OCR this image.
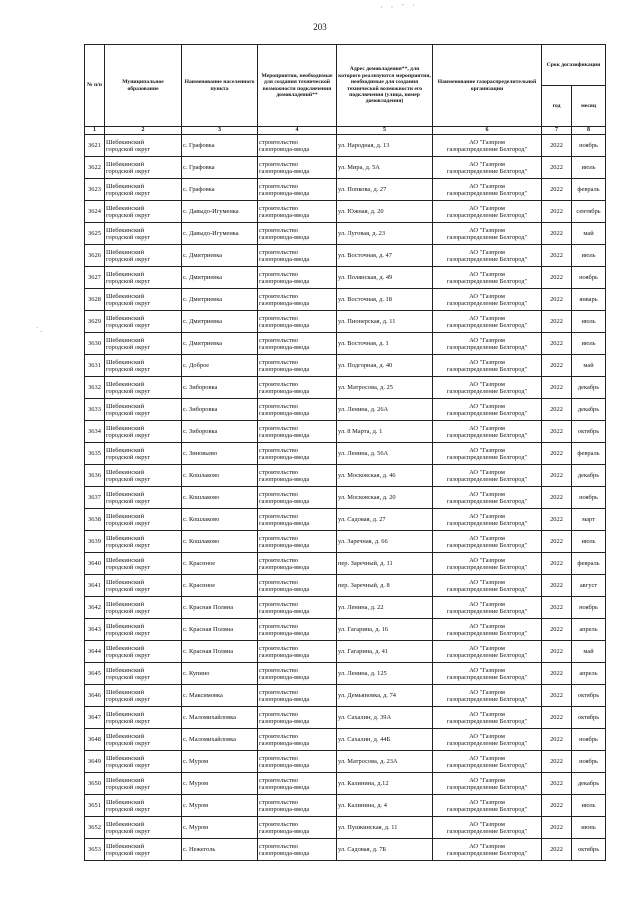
· · ´ ˙
203
˙ .
№ п/п	Муниципальное образование	Наименование населенного пункта	Мероприятия, необходимые для создания технической возможности подключения домовладений**	Адрес домовладения**, для которого реализуются мероприятия, необходимые для создания технической возможности его подключения (улица, номер домовладения)	Наименование газораспределительной организации	Срок догазификации	
						год	месяц
1	2	3	4	5	6	7	8

3621	Шебекинский
городской округ	с. Графовка	строительство
газопровода-ввода	ул. Народная, д. 13	АО "Газпром
газораспределение Белгород"	2022	ноябрь

3622	Шебекинский
городской округ	с. Графовка	строительство
газопровода-ввода	ул. Мира, д. 5А	АО "Газпром
газораспределение Белгород"	2022	июль

3623	Шебекинский
городской округ	с. Графовка	строительство
газопровода-ввода	ул. Попкова, д. 27	АО "Газпром
газораспределение Белгород"	2022	февраль

3624	Шебекинский
городской округ	с. Давыдо-Игуменка	строительство
газопровода-ввода	ул. Южная, д. 20	АО "Газпром
газораспределение Белгород"	2022	сентябрь

3625	Шебекинский
городской округ	с. Давыдо-Игуменка	строительство
газопровода-ввода	ул. Луговая, д. 23	АО "Газпром
газораспределение Белгород"	2022	май

3626	Шебекинский
городской округ	с. Дмитриевка	строительство
газопровода-ввода	ул. Восточная, д. 47	АО "Газпром
газораспределение Белгород"	2022	июль

3627	Шебекинский
городской округ	с. Дмитриевка	строительство
газопровода-ввода	ул. Полянская, д. 49	АО "Газпром
газораспределение Белгород"	2022	ноябрь

3628	Шебекинский
городской округ	с. Дмитриевка	строительство
газопровода-ввода	ул. Восточная, д. 18	АО "Газпром
газораспределение Белгород"	2022	январь

3629	Шебекинский
городской округ	с. Дмитриевка	строительство
газопровода-ввода	ул. Пионерская, д. 11	АО "Газпром
газораспределение Белгород"	2022	июль

3630	Шебекинский
городской округ	с. Дмитриевка	строительство
газопровода-ввода	ул. Восточная, д. 1	АО "Газпром
газораспределение Белгород"	2022	июль

3631	Шебекинский
городской округ	с. Доброе	строительство
газопровода-ввода	ул. Подгорная, д. 40	АО "Газпром
газораспределение Белгород"	2022	май

3632	Шебекинский
городской округ	с. Зиборовка	строительство
газопровода-ввода	ул. Матросова, д. 25	АО "Газпром
газораспределение Белгород"	2022	декабрь

3633	Шебекинский
городской округ	с. Зиборовка	строительство
газопровода-ввода	ул. Ленина, д. 26А	АО "Газпром
газораспределение Белгород"	2022	декабрь

3634	Шебекинский
городской округ	с. Зиборовка	строительство
газопровода-ввода	ул. 8 Марта, д. 1	АО "Газпром
газораспределение Белгород"	2022	октябрь

3635	Шебекинский
городской округ	с. Зиновьево	строительство
газопровода-ввода	ул. Ленина, д. 56А	АО "Газпром
газораспределение Белгород"	2022	февраль

3636	Шебекинский
городской округ	с. Кошлаково	строительство
газопровода-ввода	ул. Московская, д. 46	АО "Газпром
газораспределение Белгород"	2022	декабрь

3637	Шебекинский
городской округ	с. Кошлаково	строительство
газопровода-ввода	ул. Московская, д. 20	АО "Газпром
газораспределение Белгород"	2022	ноябрь

3638	Шебекинский
городской округ	с. Кошлаково	строительство
газопровода-ввода	ул. Садовая, д. 27	АО "Газпром
газораспределение Белгород"	2022	март

3639	Шебекинский
городской округ	с. Кошлаково	строительство
газопровода-ввода	ул. Заречная, д. 66	АО "Газпром
газораспределение Белгород"	2022	июль

3640	Шебекинский
городской округ	с. Краснное	строительство
газопровода-ввода	пер. Заречный, д. 11	АО "Газпром
газораспределение Белгород"	2022	февраль

3641	Шебекинский
городской округ	с. Краснное	строительство
газопровода-ввода	пер. Заречный, д. 8	АО "Газпром
газораспределение Белгород"	2022	август

3642	Шебекинский
городской округ	с. Красная Поляна	строительство
газопровода-ввода	ул. Ленина, д. 22	АО "Газпром
газораспределение Белгород"	2022	ноябрь

3643	Шебекинский
городской округ	с. Красная Поляна	строительство
газопровода-ввода	ул. Гагарина, д. 16	АО "Газпром
газораспределение Белгород"	2022	апрель

3644	Шебекинский
городской округ	с. Красная Поляна	строительство
газопровода-ввода	ул. Гагарина, д. 41	АО "Газпром
газораспределение Белгород"	2022	май

3645	Шебекинский
городской округ	с. Купино	строительство
газопровода-ввода	ул. Ленина, д. 125	АО "Газпром
газораспределение Белгород"	2022	апрель

3646	Шебекинский
городской округ	с. Максимовка	строительство
газопровода-ввода	ул. Демьяновка, д. 74	АО "Газпром
газораспределение Белгород"	2022	октябрь

3647	Шебекинский
городской округ	с. Маломихайловка	строительство
газопровода-ввода	ул. Сахалин, д. 39А	АО "Газпром
газораспределение Белгород"	2022	октябрь

3648	Шебекинский
городской округ	с. Маломихайловка	строительство
газопровода-ввода	ул. Сахалин, д. 44Б	АО "Газпром
газораспределение Белгород"	2022	ноябрь

3649	Шебекинский
городской округ	с. Муром	строительство
газопровода-ввода	ул. Матросова, д. 23А	АО "Газпром
газораспределение Белгород"	2022	ноябрь

3650	Шебекинский
городской округ	с. Муром	строительство
газопровода-ввода	ул. Калинина, д.12	АО "Газпром
газораспределение Белгород"	2022	декабрь

3651	Шебекинский
городской округ	с. Муром	строительство
газопровода-ввода	ул. Калинина, д. 4	АО "Газпром
газораспределение Белгород"	2022	июль

3652	Шебекинский
городской округ	с. Муром	строительство
газопровода-ввода	ул. Пушкинская, д. 11	АО "Газпром
газораспределение Белгород"	2022	июнь

3653	Шебекинский
городской округ	с. Нежеголь	строительство
газопровода-ввода	ул. Садовая, д. 7Б	АО "Газпром
газораспределение Белгород"	2022	октябрь
